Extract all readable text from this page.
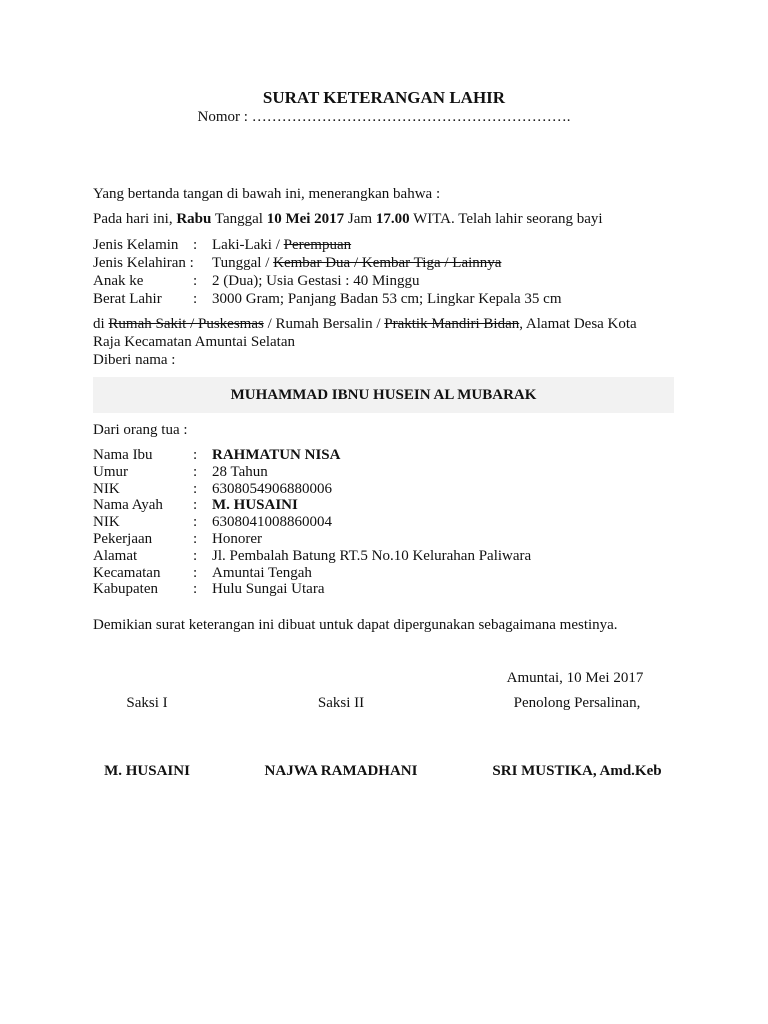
SURAT KETERANGAN LAHIR
Nomor : ……………………………………………………….
Yang bertanda tangan di bawah ini, menerangkan bahwa :
Pada hari ini, Rabu Tanggal 10 Mei 2017 Jam 17.00 WITA. Telah lahir seorang bayi
Jenis Kelamin : Laki-Laki / Perempuan
Jenis Kelahiran : Tunggal / Kembar Dua / Kembar Tiga / Lainnya
Anak ke	: 2 (Dua); Usia Gestasi : 40 Minggu
Berat Lahir : 3000 Gram; Panjang Badan 53 cm; Lingkar Kepala 35 cm
di Rumah Sakit / Puskesmas / Rumah Bersalin / Praktik Mandiri Bidan, Alamat Desa Kota
Raja Kecamatan Amuntai Selatan
Diberi nama :
MUHAMMAD IBNU HUSEIN AL MUBARAK
Dari orang tua :
Nama Ibu	: RAHMATUN NISA
Umur	: 28 Tahun
NIK	: 6308054906880006
Nama Ayah : M. HUSAINI
NIK	: 6308041008860004
Pekerjaan	: Honorer
Alamat	: Jl. Pembalah Batung RT.5 No.10 Kelurahan Paliwara
Kecamatan : Amuntai Tengah
Kabupaten : Hulu Sungai Utara
Demikian surat keterangan ini dibuat untuk dapat dipergunakan sebagaimana mestinya.
Amuntai, 10 Mei 2017
Saksi I	Saksi II	Penolong Persalinan,
M. HUSAINI	NAJWA RAMADHANI	SRI MUSTIKA, Amd.Keb
